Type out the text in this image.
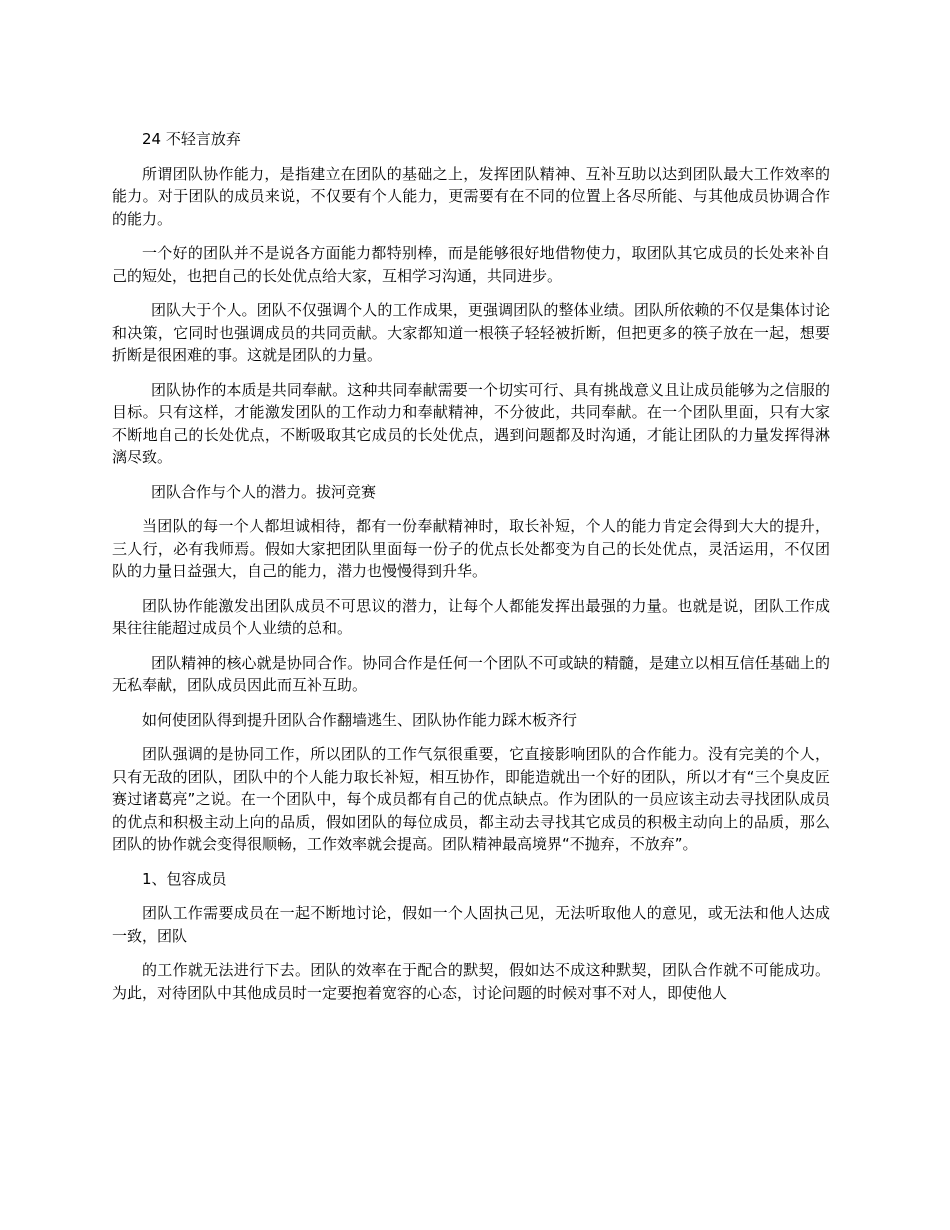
24 不轻言放弃

所谓团队协作能力，是指建立在团队的基础之上，发挥团队精神、互补互助以达到团队最大工作效率的能力。对于团队的成员来说，不仅要有个人能力，更需要有在不同的位置上各尽所能、与其他成员协调合作的能力。

一个好的团队并不是说各方面能力都特别棒，而是能够很好地借物使力，取团队其它成员的长处来补自己的短处，也把自己的长处优点给大家，互相学习沟通，共同进步。

团队大于个人。团队不仅强调个人的工作成果，更强调团队的整体业绩。团队所依赖的不仅是集体讨论和决策，它同时也强调成员的共同贡献。大家都知道一根筷子轻轻被折断，但把更多的筷子放在一起，想要折断是很困难的事。这就是团队的力量。

团队协作的本质是共同奉献。这种共同奉献需要一个切实可行、具有挑战意义且让成员能够为之信服的目标。只有这样，才能激发团队的工作动力和奉献精神，不分彼此，共同奉献。在一个团队里面，只有大家不断地自己的长处优点，不断吸取其它成员的长处优点，遇到问题都及时沟通，才能让团队的力量发挥得淋漓尽致。

团队合作与个人的潜力。拔河竞赛

当团队的每一个人都坦诚相待，都有一份奉献精神时，取长补短，个人的能力肯定会得到大大的提升，三人行，必有我师焉。假如大家把团队里面每一份子的优点长处都变为自己的长处优点，灵活运用，不仅团队的力量日益强大，自己的能力，潜力也慢慢得到升华。

团队协作能激发出团队成员不可思议的潜力，让每个人都能发挥出最强的力量。也就是说，团队工作成果往往能超过成员个人业绩的总和。

团队精神的核心就是协同合作。协同合作是任何一个团队不可或缺的精髓，是建立以相互信任基础上的无私奉献，团队成员因此而互补互助。

如何使团队得到提升团队合作翻墙逃生、团队协作能力踩木板齐行

团队强调的是协同工作，所以团队的工作气氛很重要，它直接影响团队的合作能力。没有完美的个人，只有无敌的团队，团队中的个人能力取长补短，相互协作，即能造就出一个好的团队，所以才有“三个臭皮匠赛过诸葛亮”之说。在一个团队中，每个成员都有自己的优点缺点。作为团队的一员应该主动去寻找团队成员的优点和积极主动上向的品质，假如团队的每位成员，都主动去寻找其它成员的积极主动向上的品质，那么团队的协作就会变得很顺畅，工作效率就会提高。团队精神最高境界“不抛弃，不放弃”。

1、包容成员

团队工作需要成员在一起不断地讨论，假如一个人固执己见，无法听取他人的意见，或无法和他人达成一致，团队

的工作就无法进行下去。团队的效率在于配合的默契，假如达不成这种默契，团队合作就不可能成功。为此，对待团队中其他成员时一定要抱着宽容的心态，讨论问题的时候对事不对人，即使他人
